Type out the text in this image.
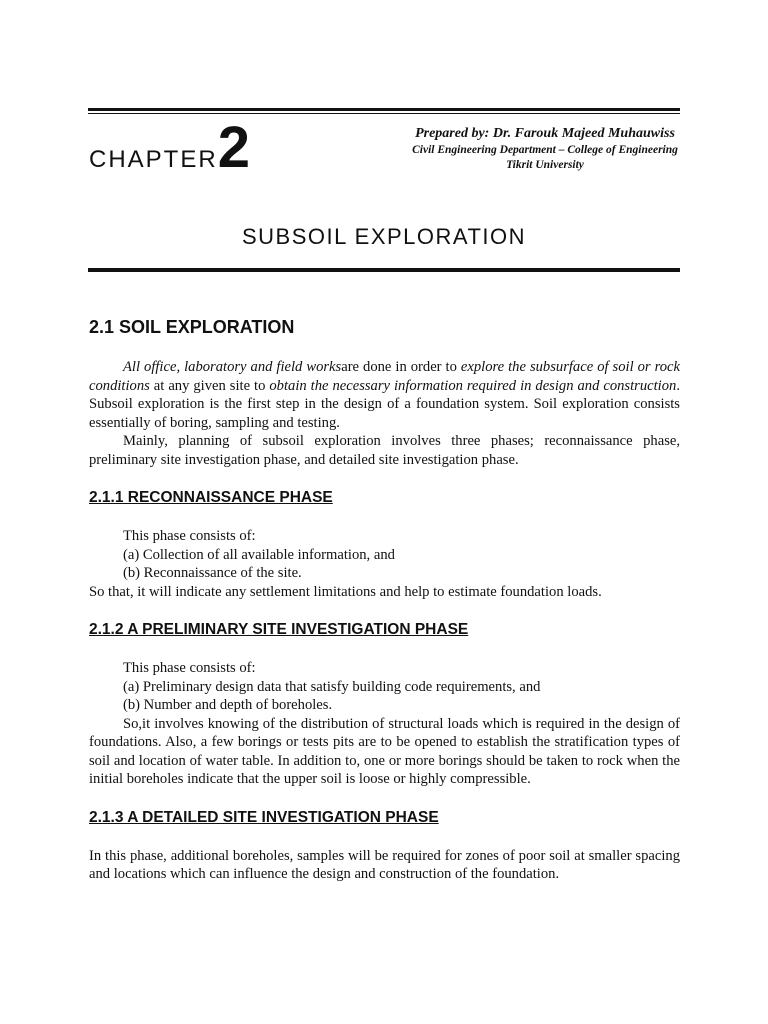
CHAPTER2	Prepared by: Dr. Farouk Majeed Muhauwiss
Civil Engineering Department – College of Engineering
Tikrit University
SUBSOIL EXPLORATION
2.1 SOIL EXPLORATION

All office, laboratory and field worksare done in order to explore the subsurface of soil or rock conditions at any given site to obtain the necessary information required in design and construction. Subsoil exploration is the first step in the design of a foundation system. Soil exploration consists essentially of boring, sampling and testing.

Mainly, planning of subsoil exploration involves three phases; reconnaissance phase, preliminary site investigation phase, and detailed site investigation phase.

2.1.1 RECONNAISSANCE PHASE

This phase consists of:

(a) Collection of all available information, and

(b) Reconnaissance of the site.

So that, it will indicate any settlement limitations and help to estimate foundation loads.

2.1.2 A PRELIMINARY SITE INVESTIGATION PHASE

This phase consists of:

(a) Preliminary design data that satisfy building code requirements, and

(b) Number and depth of boreholes.

So,it involves knowing of the distribution of structural loads which is required in the design of foundations. Also, a few borings or tests pits are to be opened to establish the stratification types of soil and location of water table. In addition to, one or more borings should be taken to rock when the initial boreholes indicate that the upper soil is loose or highly compressible.

2.1.3 A DETAILED SITE INVESTIGATION PHASE

In this phase, additional boreholes, samples will be required for zones of poor soil at smaller spacing and locations which can influence the design and construction of the foundation.
